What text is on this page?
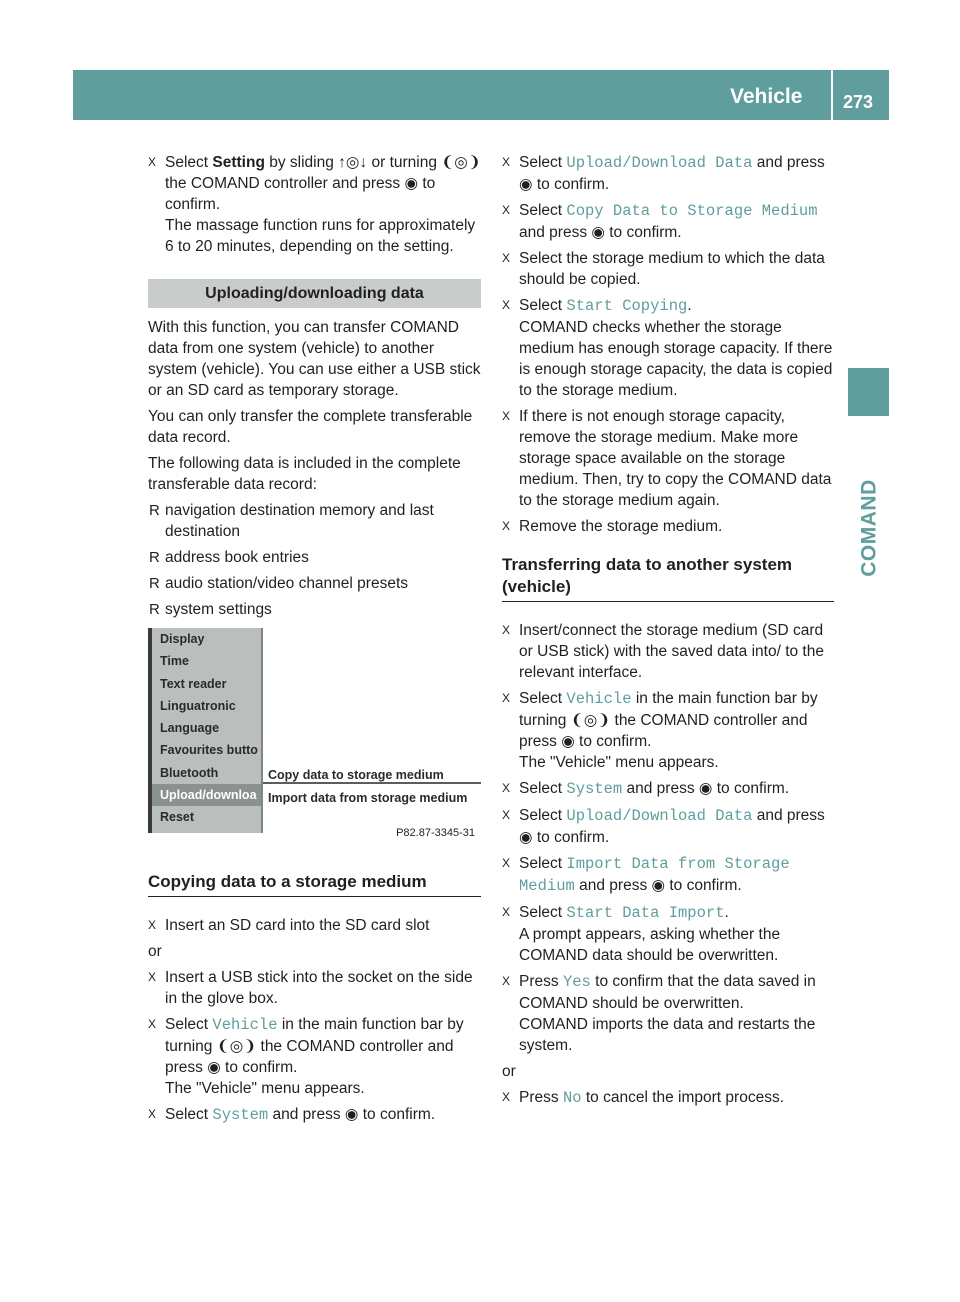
Vehicle 273
COMAND
X Select Setting by sliding ↑◎↓ or turning ❨◎❩ the COMAND controller and press ◉ to confirm.
The massage function runs for approximately 6 to 20 minutes, depending on the setting.
Uploading/downloading data

With this function, you can transfer COMAND data from one system (vehicle) to another system (vehicle). You can use either a USB stick or an SD card as temporary storage.

You can only transfer the complete transferable data record.

The following data is included in the complete transferable data record:

R navigation destination memory and last destination
R address book entries
R audio station/video channel presets
R system settings
Display
Time
Text reader
Linguatronic
Language
Favourites butto
Bluetooth
Upload/downloa
Reset
Copy data to storage medium
Import data from storage medium
P82.87-3345-31
Copying data to a storage medium
X Insert an SD card into the SD card slot

or

X Insert a USB stick into the socket on the side in the glove box.
X Select Vehicle in the main function bar by turning ❨◎❩ the COMAND controller and press ◉ to confirm.
The "Vehicle" menu appears.
X Select System and press ◉ to confirm.
X Select Upload/Download Data and press ◉ to confirm.
X Select Copy Data to Storage Medium and press ◉ to confirm.
X Select the storage medium to which the data should be copied.
X Select Start Copying.
COMAND checks whether the storage medium has enough storage capacity. If there is enough storage capacity, the data is copied to the storage medium.
X If there is not enough storage capacity, remove the storage medium. Make more storage space available on the storage medium. Then, try to copy the COMAND data to the storage medium again.
X Remove the storage medium.
Transferring data to another system (vehicle)
X Insert/connect the storage medium (SD card or USB stick) with the saved data into/ to the relevant interface.
X Select Vehicle in the main function bar by turning ❨◎❩ the COMAND controller and press ◉ to confirm.
The "Vehicle" menu appears.
X Select System and press ◉ to confirm.
X Select Upload/Download Data and press ◉ to confirm.
X Select Import Data from Storage Medium and press ◉ to confirm.
X Select Start Data Import.
A prompt appears, asking whether the COMAND data should be overwritten.
X Press Yes to confirm that the data saved in COMAND should be overwritten.
COMAND imports the data and restarts the system.

or

X Press No to cancel the import process.
